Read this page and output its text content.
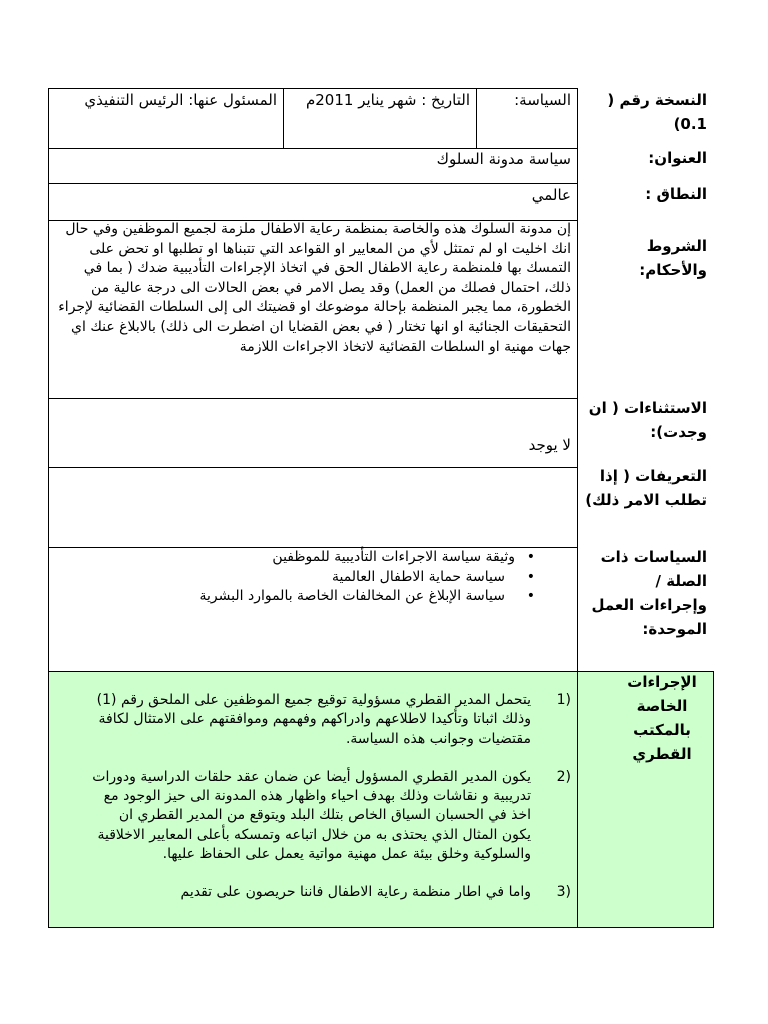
النسخة رقم ( 0.1)
السياسة:
التاريخ : شهر يناير 2011م
المسئول عنها: الرئيس التنفيذي
العنوان:
سياسة مدونة السلوك
النطاق :
عالمي
الشروط والأحكام:
إن مدونة السلوك هذه والخاصة بمنظمة رعاية الاطفال ملزمة لجميع الموظفين وفي حال انك اخليت او لم تمتثل لأي من المعايير او القواعد التي تتبناها او تطلبها او تحض على التمسك بها فلمنظمة رعاية الاطفال الحق في اتخاذ الإجراءات التأديبية ضدك ( بما في ذلك، احتمال فصلك من العمل) وقد يصل الامر في بعض الحالات الى درجة عالية من الخطورة، مما يجبر المنظمة بإحالة موضوعك او قضيتك الى إلى السلطات القضائية لإجراء التحقيقات الجنائية او انها تختار ( في بعض القضايا ان اضطرت الى ذلك) بالابلاغ عنك اي جهات مهنية او السلطات القضائية لاتخاذ الاجراءات اللازمة
الاستثناءات ( ان وجدت):
لا يوجد
التعريفات ( إذا تطلب الامر ذلك)
السياسات ذات الصلة / وإجراءات العمل الموحدة:
• وثيقة سياسة الاجراءات التأديبية للموظفين
• سياسة حماية الاطفال العالمية
• سياسة الإبلاغ عن المخالفات الخاصة بالموارد البشرية
الإجراءات الخاصة بالمكتب القطري
1)
يتحمل المدير القطري مسؤولية توقيع جميع الموظفين على الملحق رقم (1) وذلك اثباتا وتأكيدا لاطلاعهم وادراكهم وفهمهم وموافقتهم على الامتثال لكافة مقتضيات وجوانب هذه السياسة.
2)
يكون المدير القطري المسؤول أيضا عن ضمان عقد حلقات الدراسية ودورات تدريبية و نقاشات وذلك بهدف احياء واظهار هذه المدونة الى حيز الوجود مع اخذ في الحسبان السياق الخاص بتلك البلد ويتوقع من المدير القطري ان يكون المثال الذي يحتذى به من خلال اتباعه وتمسكه بأعلى المعايير الاخلاقية والسلوكية وخلق بيئة عمل مهنية مواتية يعمل على الحفاظ عليها.
3)
واما في اطار منظمة رعاية الاطفال فاننا حريصون على تقديم
